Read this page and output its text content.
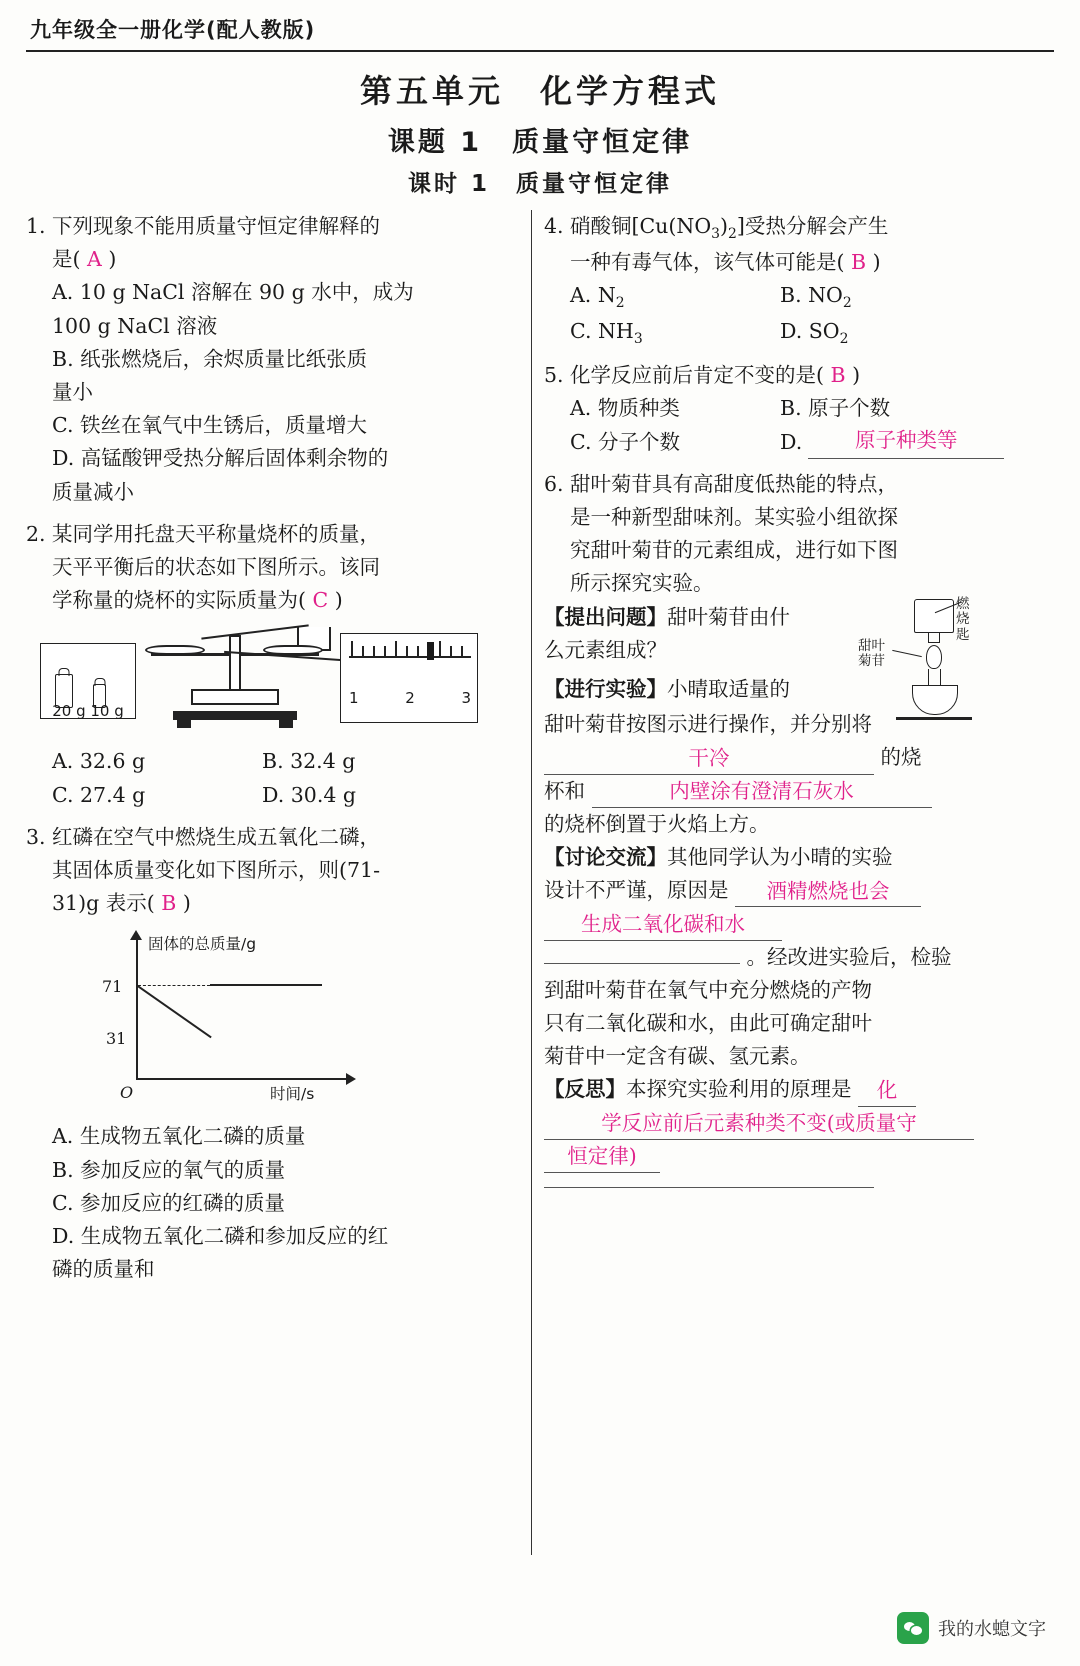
九年级全一册化学(配人教版)
第五单元　化学方程式
课题 1　质量守恒定律
课时 1　质量守恒定律
1. 下列现象不能用质量守恒定律解释的
是( A )
A. 10 g NaCl 溶解在 90 g 水中，成为
100 g NaCl 溶液
B. 纸张燃烧后，余烬质量比纸张质
量小
C. 铁丝在氧气中生锈后，质量增大
D. 高锰酸钾受热分解后固体剩余物的
质量减小
2. 某同学用托盘天平称量烧杯的质量，
天平平衡后的状态如下图所示。该同
学称量的烧杯的实际质量为( C )
20 g 10 g
1	2	3
A. 32.6 g	B. 32.4 g
C. 27.4 g	D. 30.4 g
3. 红磷在空气中燃烧生成五氧化二磷，
其固体质量变化如下图所示，则(71-
31)g 表示( B )
固体的总质量/g
时间/s
O
71
31
A. 生成物五氧化二磷的质量
B. 参加反应的氧气的质量
C. 参加反应的红磷的质量
D. 生成物五氧化二磷和参加反应的红
磷的质量和
4. 硝酸铜$[Cu(NO_3)_2]$受热分解会产生
一种有毒气体，该气体可能是( B )
A. $N_2$	B. $NO_2$
C. $NH_3$	D. $SO_2$
5. 化学反应前后肯定不变的是( B )
A. 物质种类	B. 原子个数
C. 分子个数	D.	原子种类等
6. 甜叶菊苷具有高甜度低热能的特点，
是一种新型甜味剂。某实验小组欲探
究甜叶菊苷的元素组成，进行如下图
所示探究实验。
燃
烧
匙
甜叶
菊苷
【提出问题】甜叶菊苷由什
么元素组成？
【进行实验】小晴取适量的
甜叶菊苷按图示进行操作，并分别将
干冷	的烧
杯和	内壁涂有澄清石灰水
的烧杯倒置于火焰上方。
【讨论交流】其他同学认为小晴的实验
设计不严谨，原因是 酒精燃烧也会
生成二氧化碳和水
。经改进实验后，检验
到甜叶菊苷在氧气中充分燃烧的产物
只有二氧化碳和水，由此可确定甜叶
菊苷中一定含有碳、氢元素。
【反思】本探究实验利用的原理是 化
学反应前后元素种类不变(或质量守
恒定律)
我的水螅文字
